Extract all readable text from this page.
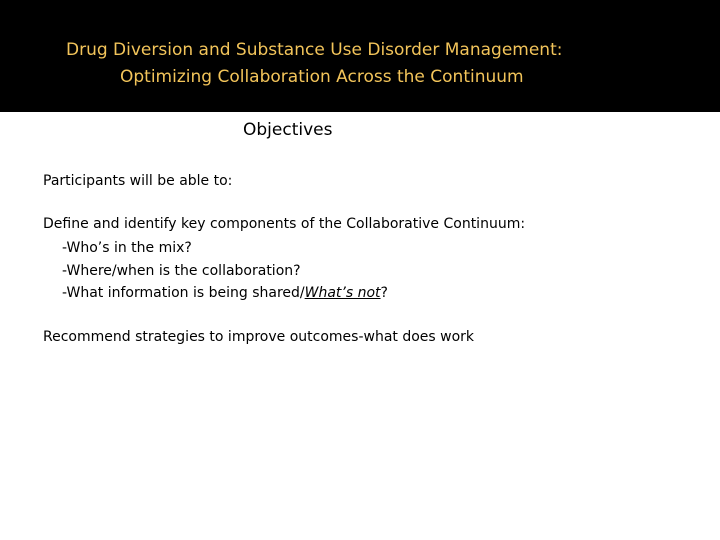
Drug Diversion and Substance Use Disorder Management:
Optimizing Collaboration Across the Continuum
Objectives
Participants will be able to:
Define and identify key components of the Collaborative Continuum:
-Who’s in the mix?
-Where/when is the collaboration?
-What information is being shared/What’s not?
Recommend strategies to improve outcomes-what does work
